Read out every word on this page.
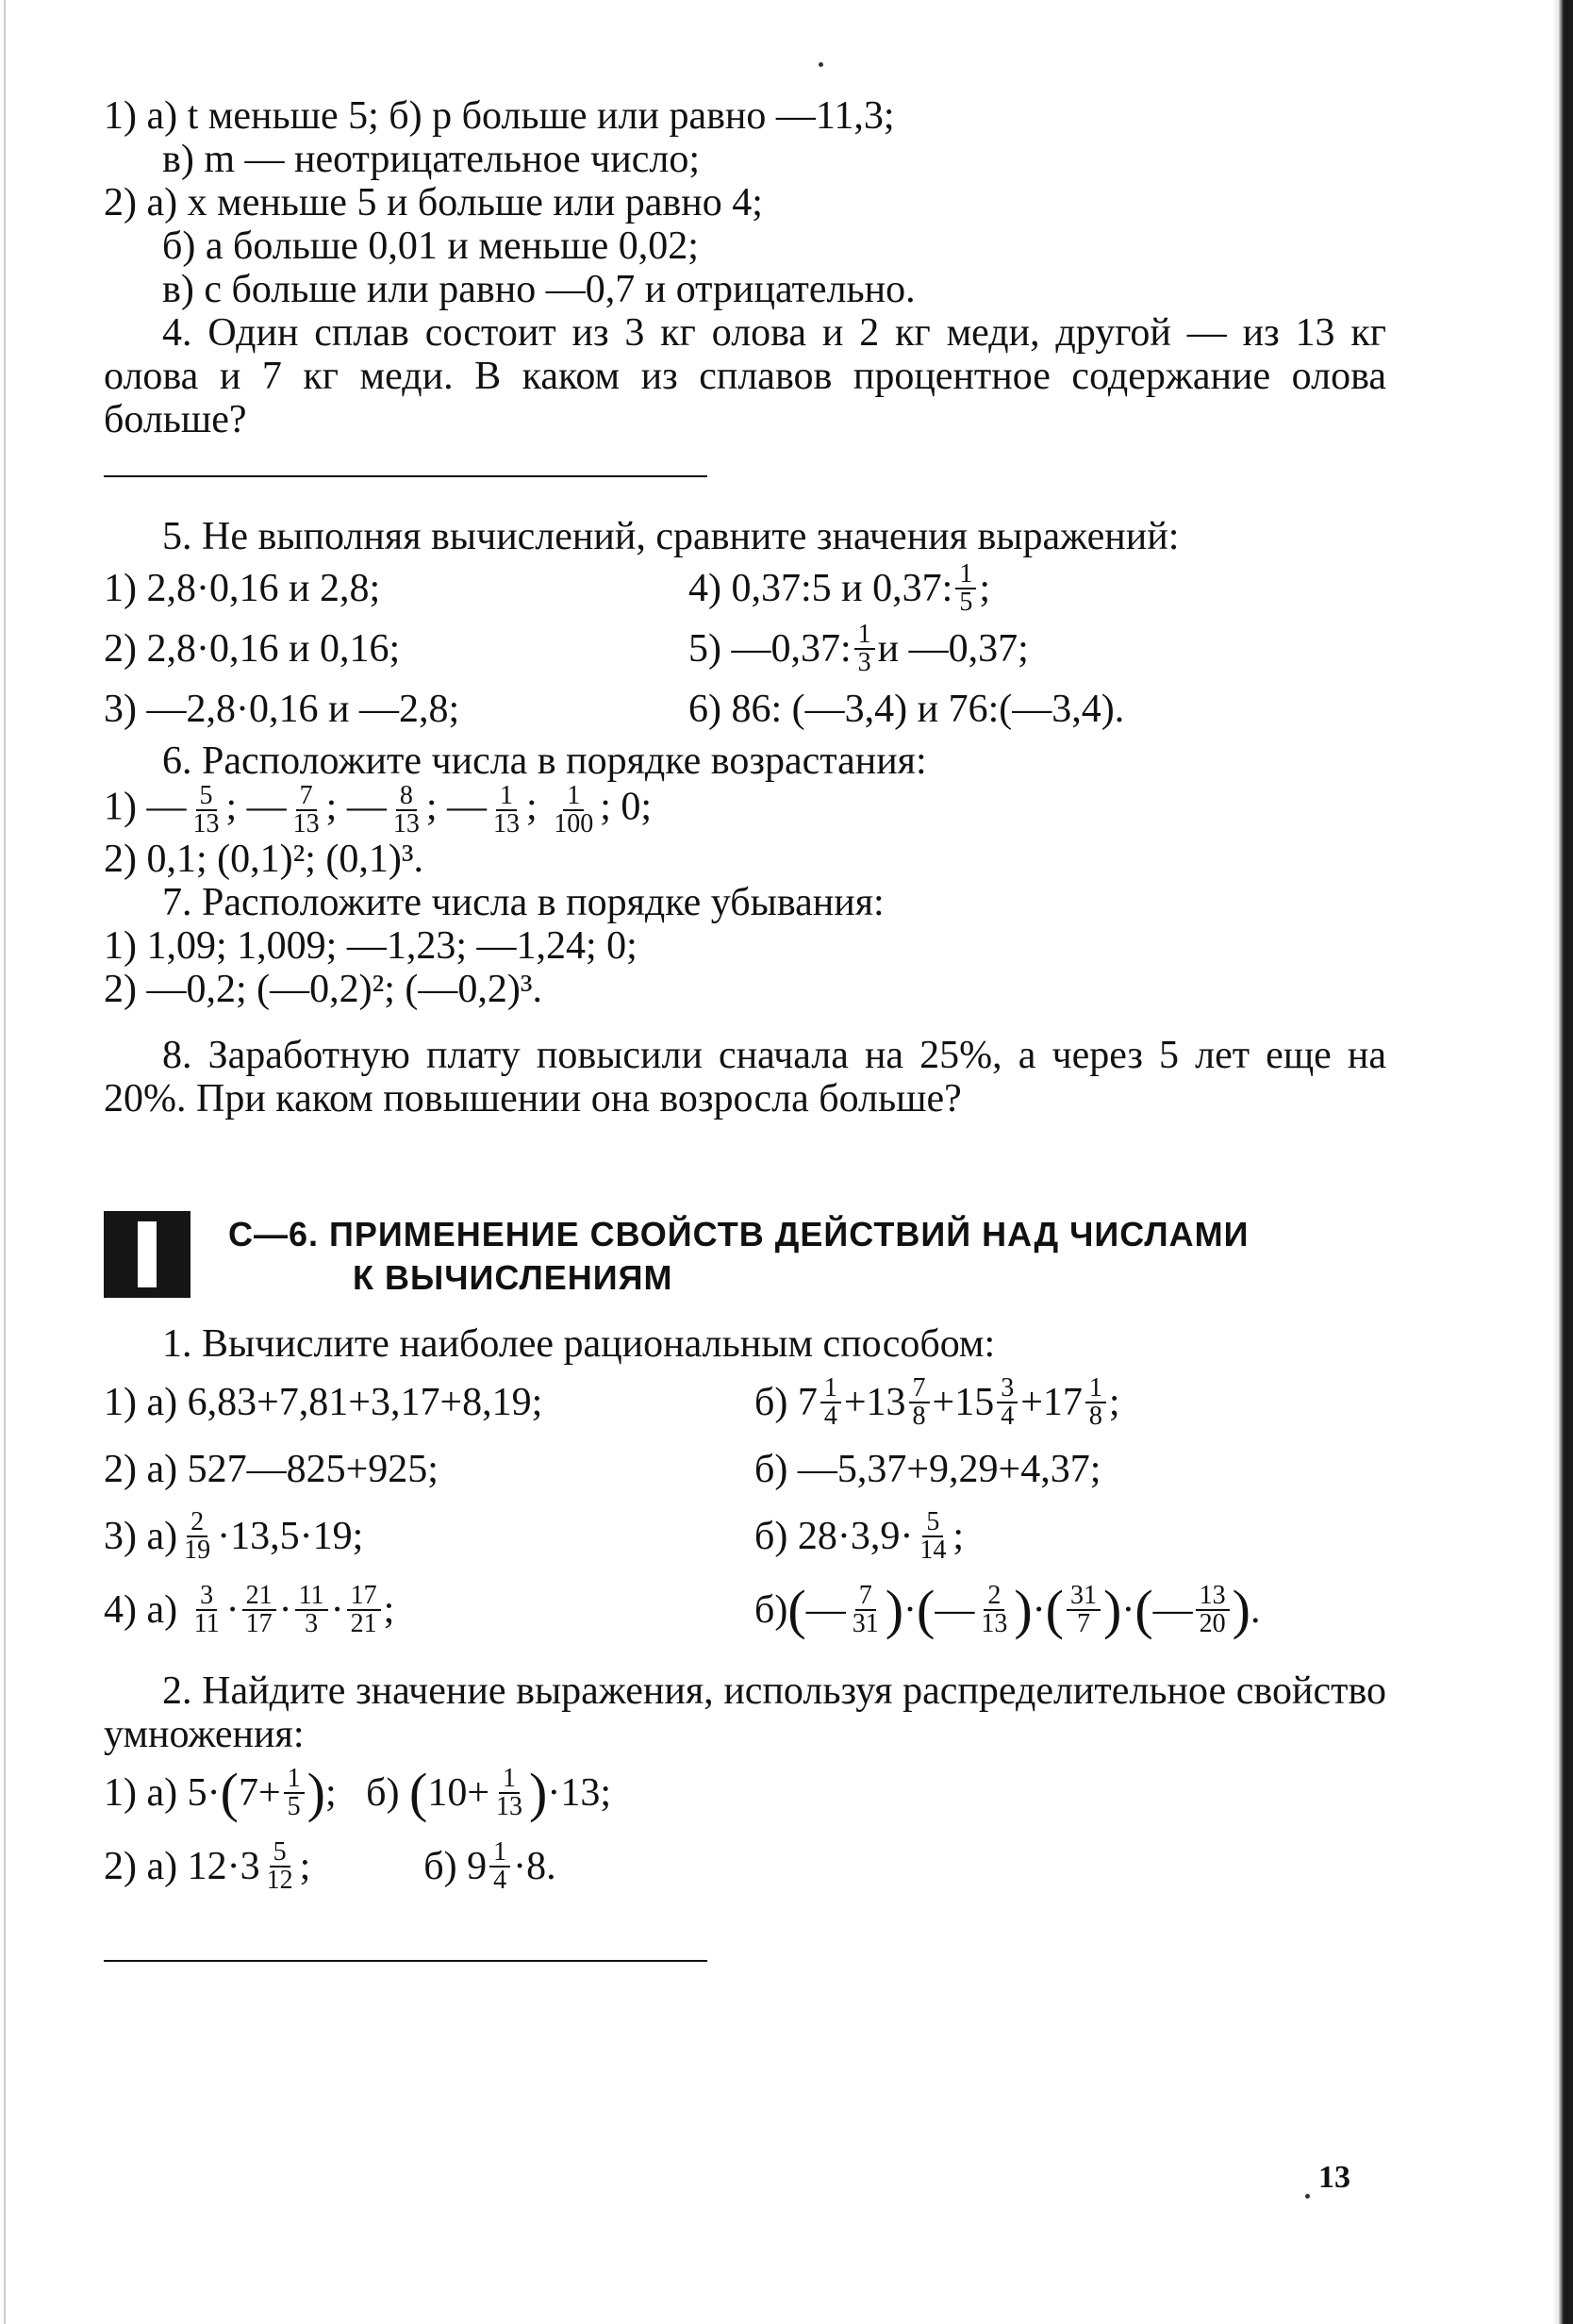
1) а) t меньше 5; б) p больше или равно —11,3;
в) m — неотрицательное число;
2) а) x меньше 5 и больше или равно 4;
б) a больше 0,01 и меньше 0,02;
в) c больше или равно —0,7 и отрицательно.
4. Один сплав состоит из 3 кг олова и 2 кг меди, другой — из 13 кг олова и 7 кг меди. В каком из сплавов процентное содержание олова больше?
5. Не выполняя вычислений, сравните значения выражений:
1) 2,8·0,16 и 2,8;
2) 2,8·0,16 и 0,16;
3) —2,8·0,16 и —2,8;
4) 0,37:5 и 0,37: $\frac{1}{5}$ ;
5) —0,37: $\frac{1}{3}$ и —0,37;
6) 86: (—3,4) и 76:(—3,4).
6. Расположите числа в порядке возрастания:
1) — $\frac{5}{13}$ ; — $\frac{7}{13}$ ; — $\frac{8}{13}$ ; — $\frac{1}{13}$ ; $\frac{1}{100}$ ; 0;
2) 0,1; (0,1)²; (0,1)³.
7. Расположите числа в порядке убывания:
1) 1,09; 1,009; —1,23; —1,24; 0;
2) —0,2; (—0,2)²; (—0,2)³.
8. Заработную плату повысили сначала на 25%, а через 5 лет еще на 20%. При каком повышении она возросла больше?
С—6. ПРИМЕНЕНИЕ СВОЙСТВ ДЕЙСТВИЙ НАД ЧИСЛАМИ
К ВЫЧИСЛЕНИЯМ
1. Вычислите наиболее рациональным способом:
1) а) 6,83+7,81+3,17+8,19;
2) а) 527—825+925;
3) $а) \frac{2}{19} \cdot 13,5\cdot 19$;
4) а)
$\frac{3}{11} \cdot \frac{21}{17} \cdot \frac{11}{3} \cdot \frac{17}{21}$ ;
б) $7 \frac{1}{4} +13 \frac{7}{8} +15 \frac{3}{4} +17 \frac{1}{8}$ ;
б) —5,37+9,29+4,37;
б) $28\cdot 3,9\cdot \frac{5}{14}$ ;
б) ( — $\frac{7}{31}$ ) · ( — $\frac{2}{13}$ ) · ( $\frac{31}{7}$ ) · ( — $\frac{13}{20}$ ) .
2. Найдите значение выражения, используя распределительное свойство умножения:
1) а) 5· ( $7+ \frac{1}{5}$ ) ; б)
( $10+ \frac{1}{13}$ ) ·13;
2) а) $12\cdot 3 \frac{5}{12}$ ;	б) $9 \frac{1}{4} \cdot 8$.
13
